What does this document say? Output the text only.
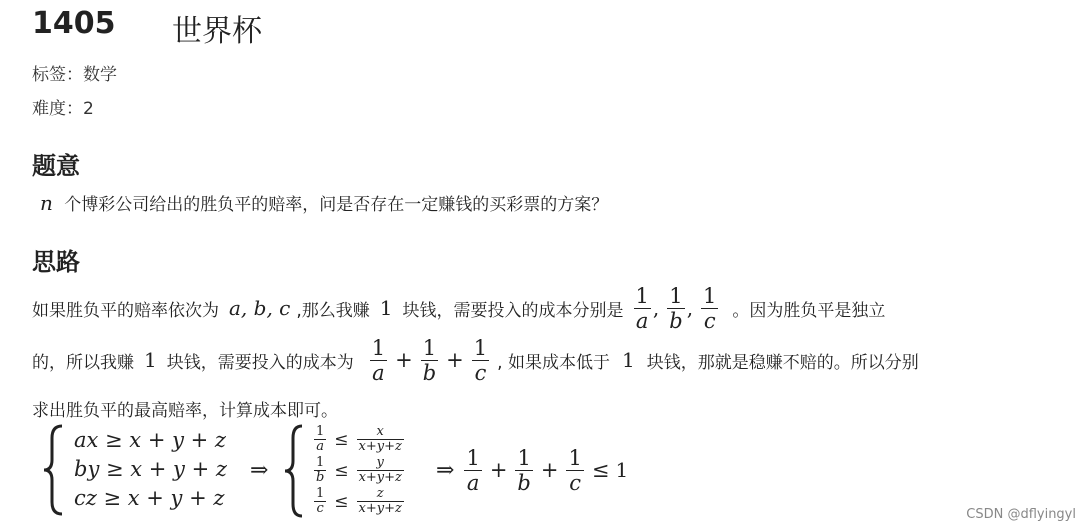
1405 世界杯
标签：数学
难度：2
题意
n 个博彩公司给出的胜负平的赔率，问是否存在一定赚钱的买彩票的方案？
思路
如果胜负平的赔率依次为 a, b, c ,那么我赚 1 块钱，需要投入的成本分别是 $\frac{1}{a}$ , $\frac{1}{b}$ , $\frac{1}{c}$ 。因为胜负平是独立
的，所以我赚 1 块钱，需要投入的成本为 $\frac{1}{a} + \frac{1}{b} + \frac{1}{c}$ , 如果成本低于 1 块钱，那就是稳赚不赔的。所以分别
求出胜负平的最高赔率，计算成本即可。
ax ≥ x + y + z
by ≥ x + y + z
cz ≥ x + y + z
⇒
$\frac{1}{a} \le \frac{x}{x+y+z}$
$\frac{1}{b} \le \frac{y}{x+y+z}$
$\frac{1}{c} \le \frac{z}{x+y+z}$
⇒ $\frac{1}{a} + \frac{1}{b} + \frac{1}{c} \le 1$
CSDN @dflyingyl
